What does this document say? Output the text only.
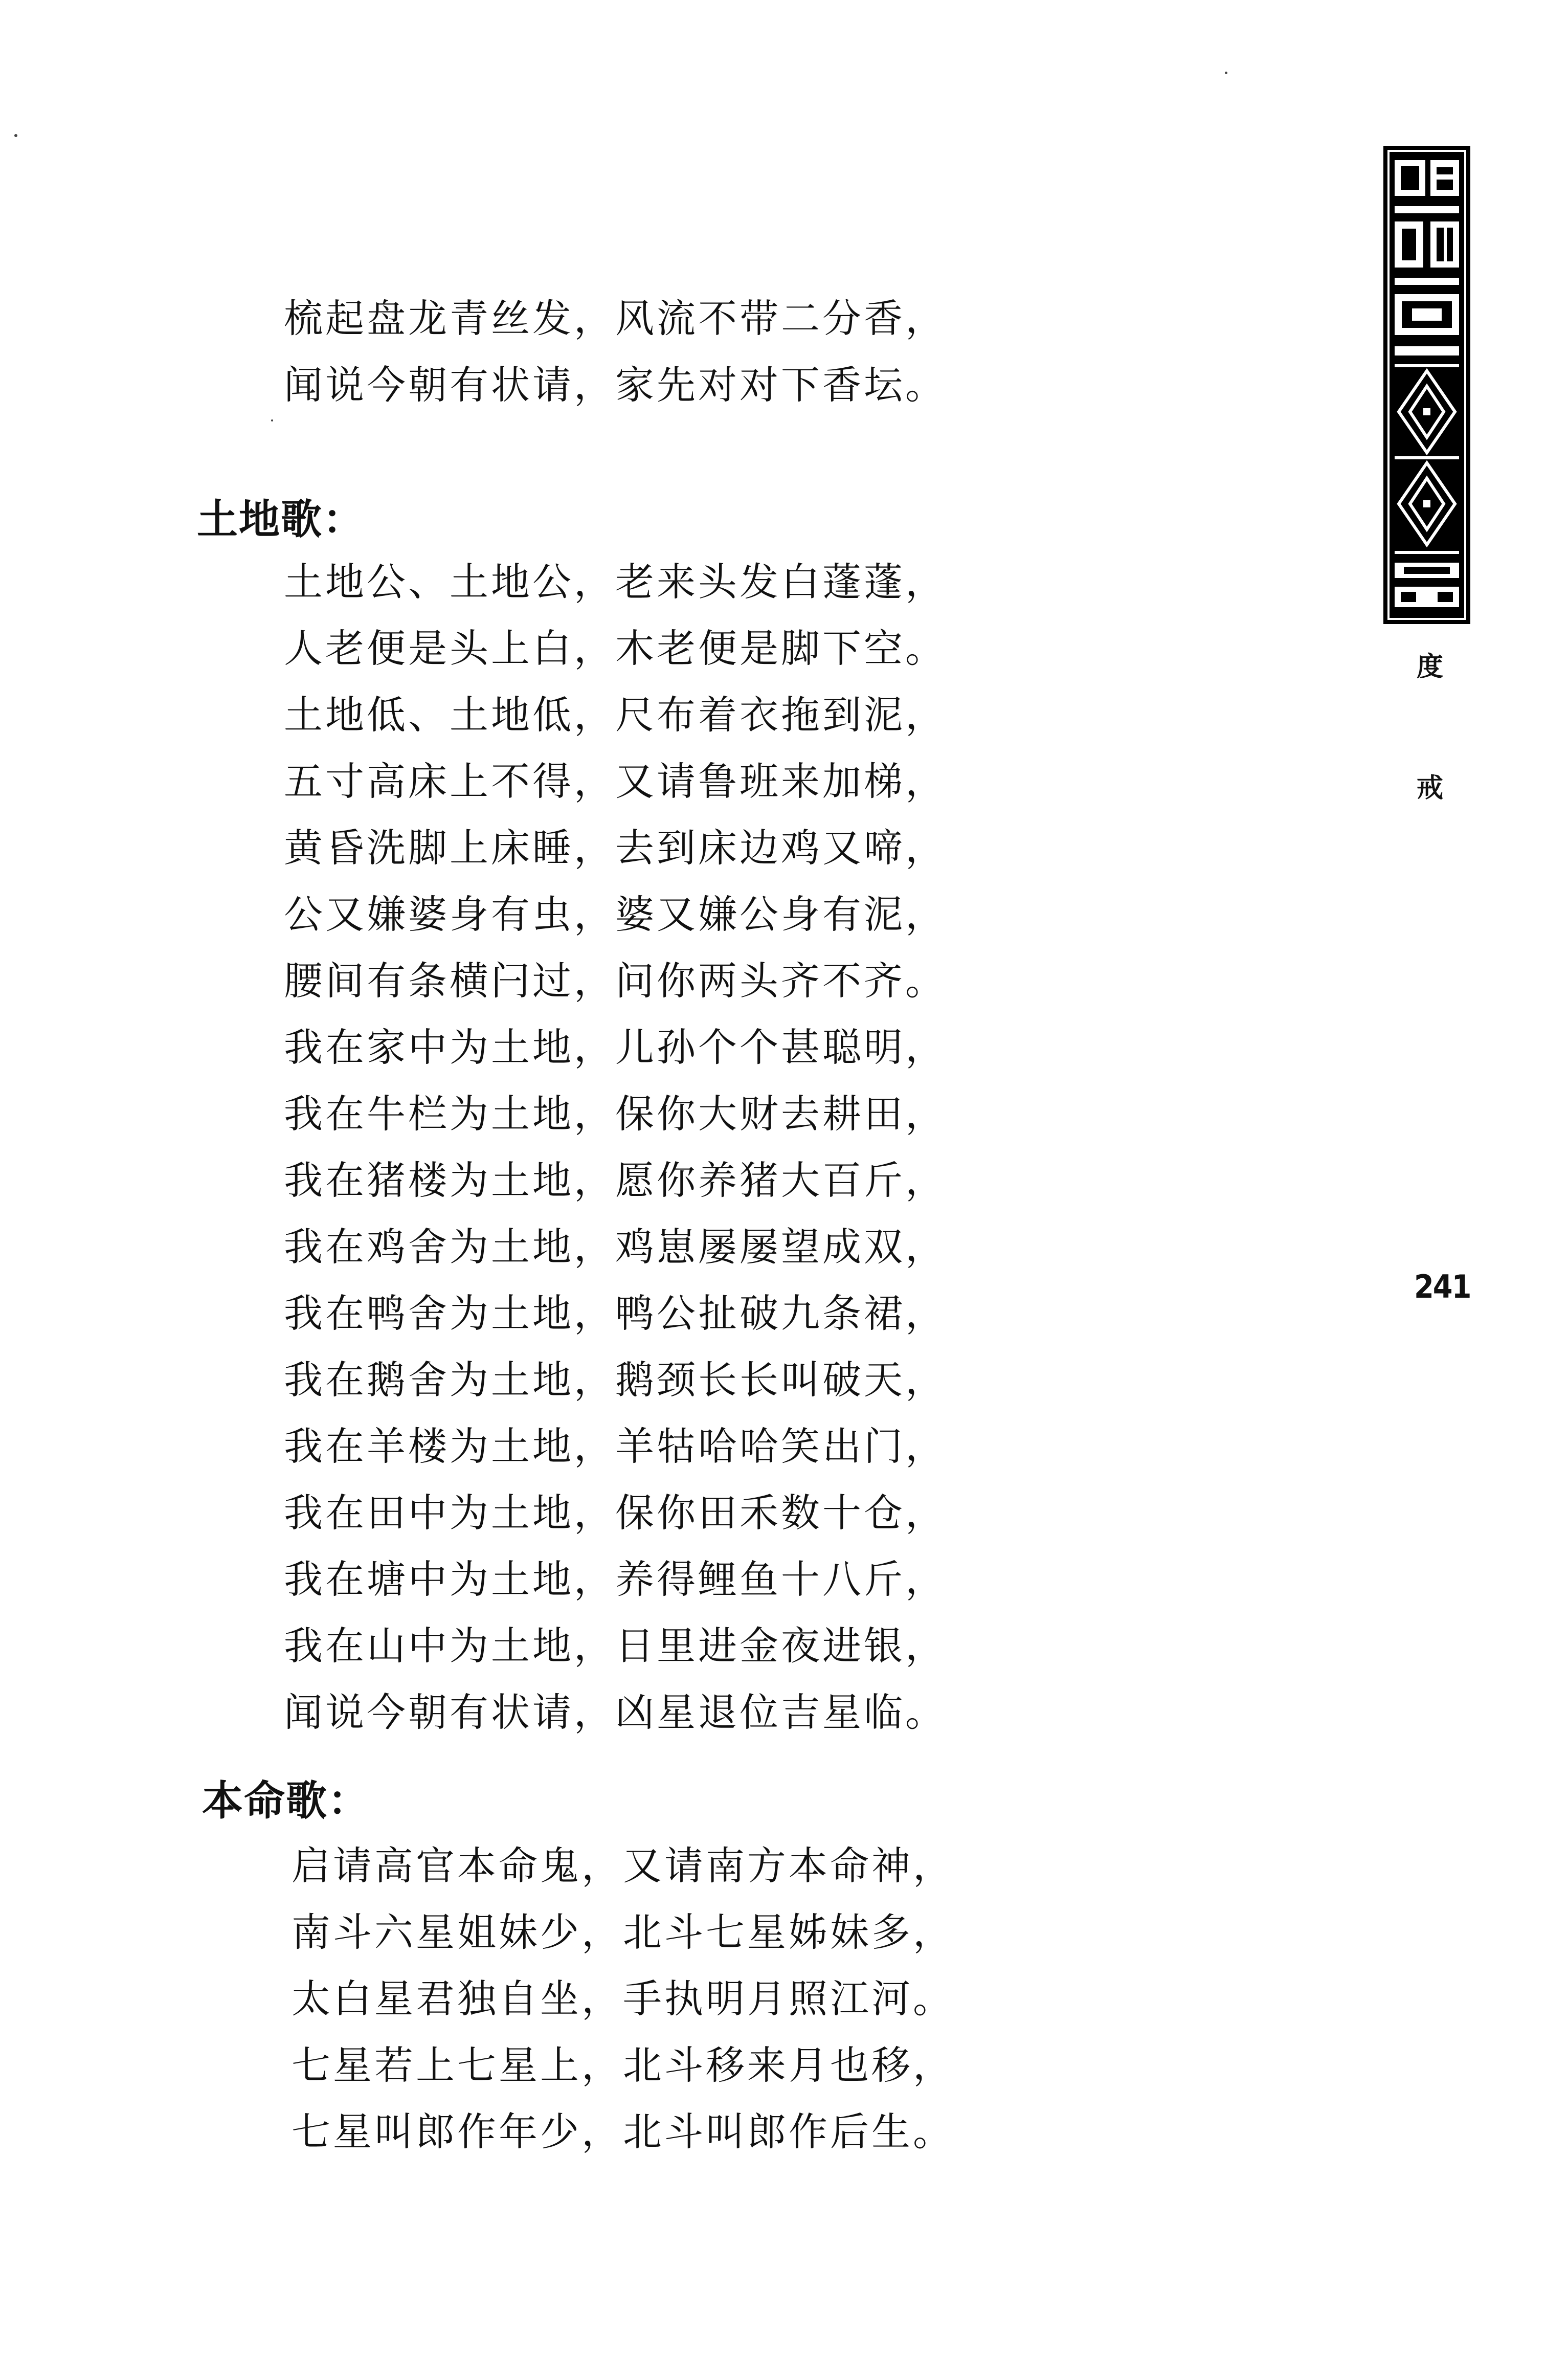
度
戒
241
梳起盘龙青丝发，风流不带二分香，
闻说今朝有状请，家先对对下香坛。
土地歌：
土地公、土地公，老来头发白蓬蓬，
人老便是头上白，木老便是脚下空。
土地低、土地低，尺布着衣拖到泥，
五寸高床上不得，又请鲁班来加梯，
黄昏洗脚上床睡，去到床边鸡又啼，
公又嫌婆身有虫，婆又嫌公身有泥，
腰间有条横闩过，问你两头齐不齐。
我在家中为土地，儿孙个个甚聪明，
我在牛栏为土地，保你大财去耕田，
我在猪楼为土地，愿你养猪大百斤，
我在鸡舍为土地，鸡崽屡屡望成双，
我在鸭舍为土地，鸭公扯破九条裙，
我在鹅舍为土地，鹅颈长长叫破天，
我在羊楼为土地，羊牯哈哈笑出门，
我在田中为土地，保你田禾数十仓，
我在塘中为土地，养得鲤鱼十八斤，
我在山中为土地，日里进金夜进银，
闻说今朝有状请，凶星退位吉星临。
本命歌：
启请高官本命鬼，又请南方本命神，
南斗六星姐妹少，北斗七星姊妹多，
太白星君独自坐，手执明月照江河。
七星若上七星上，北斗移来月也移，
七星叫郎作年少，北斗叫郎作后生。
